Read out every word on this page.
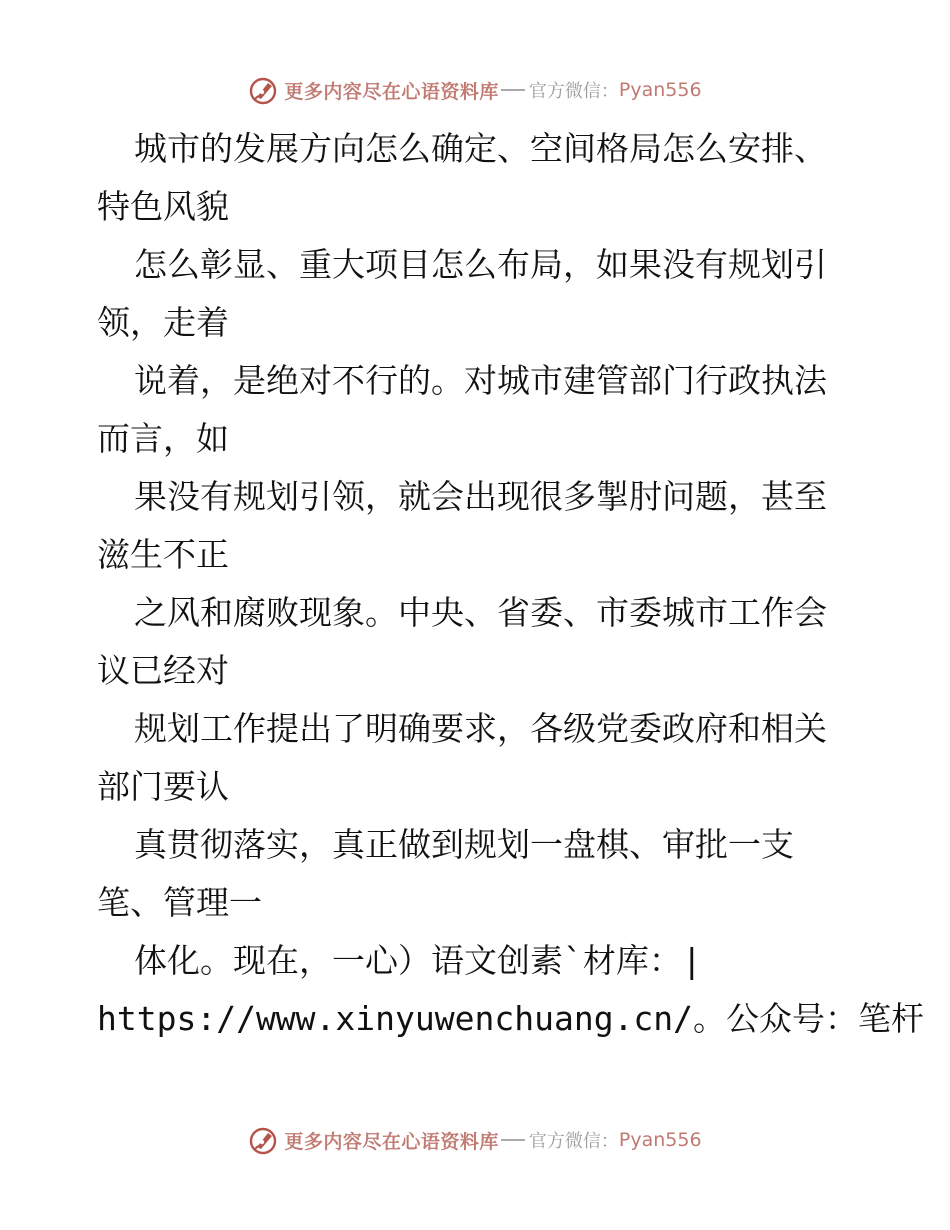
更多内容尽在心语资料库 官方微信： Pyan556
城市的发展方向怎么确定、空间格局怎么安排、
特色风貌
怎么彰显、重大项目怎么布局，如果没有规划引
领，走着
说着，是绝对不行的。对城市建管部门行政执法
而言，如
果没有规划引领，就会出现很多掣肘问题，甚至
滋生不正
之风和腐败现象。中央、省委、市委城市工作会
议已经对
规划工作提出了明确要求，各级党委政府和相关
部门要认
真贯彻落实，真正做到规划一盘棋、审批一支
笔、管理一
体化。现在，一心）语文创素`材库：|
https://www.xinyuwenchuang.cn/。公众号：笔杆
更多内容尽在心语资料库 官方微信： Pyan556
